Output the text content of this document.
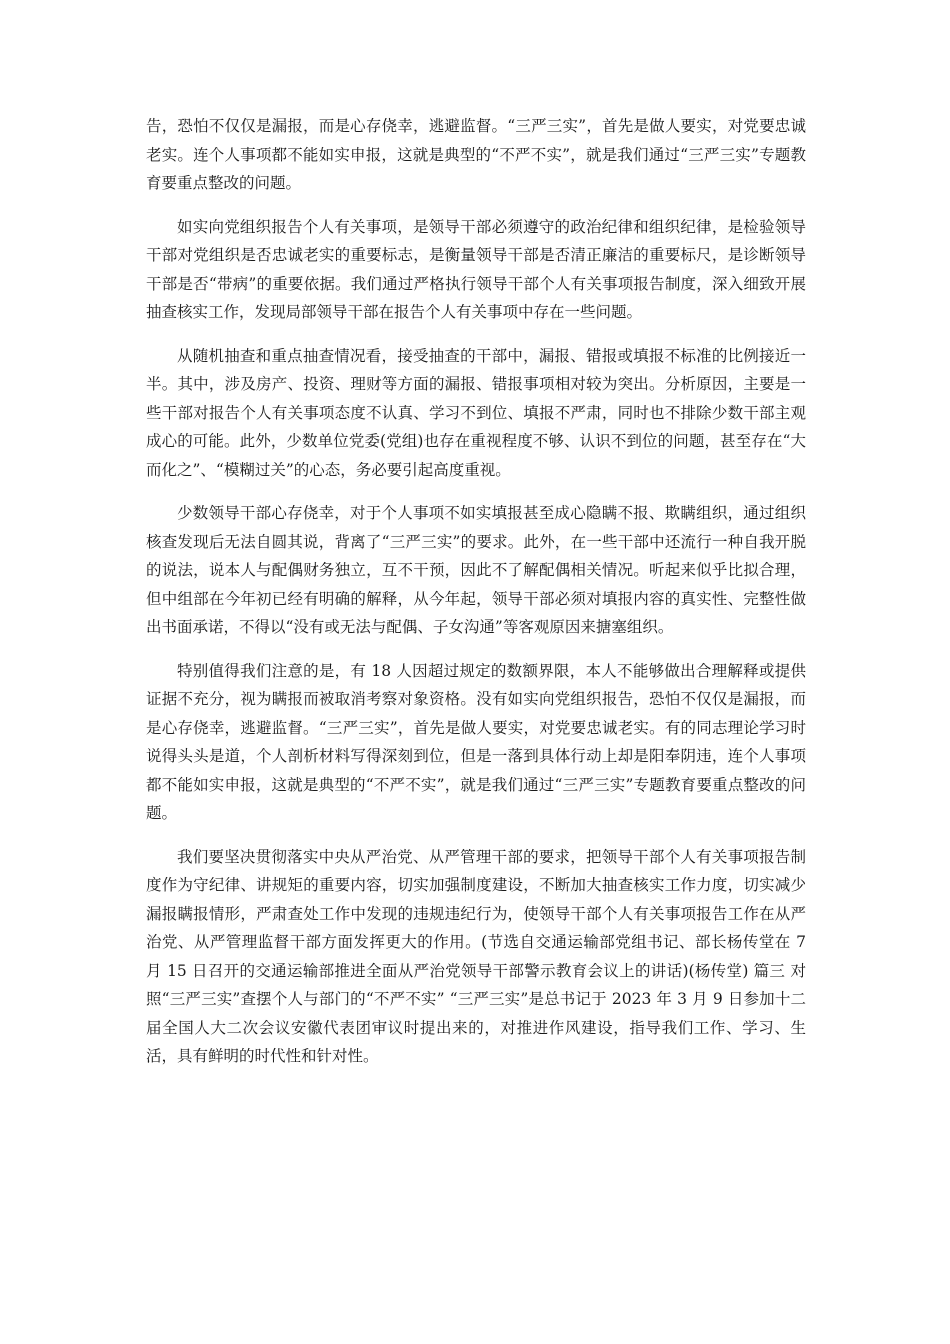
告，恐怕不仅仅是漏报，而是心存侥幸，逃避监督。“三严三实”，首先是做人要实，对党要忠诚老实。连个人事项都不能如实申报，这就是典型的“不严不实”，就是我们通过“三严三实”专题教育要重点整改的问题。

如实向党组织报告个人有关事项，是领导干部必须遵守的政治纪律和组织纪律，是检验领导干部对党组织是否忠诚老实的重要标志，是衡量领导干部是否清正廉洁的重要标尺，是诊断领导干部是否“带病”的重要依据。我们通过严格执行领导干部个人有关事项报告制度，深入细致开展抽查核实工作，发现局部领导干部在报告个人有关事项中存在一些问题。

从随机抽查和重点抽查情况看，接受抽查的干部中，漏报、错报或填报不标准的比例接近一半。其中，涉及房产、投资、理财等方面的漏报、错报事项相对较为突出。分析原因，主要是一些干部对报告个人有关事项态度不认真、学习不到位、填报不严肃，同时也不排除少数干部主观成心的可能。此外，少数单位党委(党组)也存在重视程度不够、认识不到位的问题，甚至存在“大而化之”、“模糊过关”的心态，务必要引起高度重视。

少数领导干部心存侥幸，对于个人事项不如实填报甚至成心隐瞒不报、欺瞒组织，通过组织核查发现后无法自圆其说，背离了“三严三实”的要求。此外，在一些干部中还流行一种自我开脱的说法，说本人与配偶财务独立，互不干预，因此不了解配偶相关情况。听起来似乎比拟合理，但中组部在今年初已经有明确的解释，从今年起，领导干部必须对填报内容的真实性、完整性做出书面承诺，不得以“没有或无法与配偶、子女沟通”等客观原因来搪塞组织。

特别值得我们注意的是，有 18 人因超过规定的数额界限，本人不能够做出合理解释或提供证据不充分，视为瞒报而被取消考察对象资格。没有如实向党组织报告，恐怕不仅仅是漏报，而是心存侥幸，逃避监督。“三严三实”，首先是做人要实，对党要忠诚老实。有的同志理论学习时说得头头是道，个人剖析材料写得深刻到位，但是一落到具体行动上却是阳奉阴违，连个人事项都不能如实申报，这就是典型的“不严不实”，就是我们通过“三严三实”专题教育要重点整改的问题。

我们要坚决贯彻落实中央从严治党、从严管理干部的要求，把领导干部个人有关事项报告制度作为守纪律、讲规矩的重要内容，切实加强制度建设，不断加大抽查核实工作力度，切实减少漏报瞒报情形，严肃查处工作中发现的违规违纪行为，使领导干部个人有关事项报告工作在从严治党、从严管理监督干部方面发挥更大的作用。(节选自交通运输部党组书记、部长杨传堂在 7 月 15 日召开的交通运输部推进全面从严治党领导干部警示教育会议上的讲话)(杨传堂) 篇三 对照“三严三实”查摆个人与部门的“不严不实” “三严三实”是总书记于 2023 年 3 月 9 日参加十二届全国人大二次会议安徽代表团审议时提出来的，对推进作风建设，指导我们工作、学习、生活，具有鲜明的时代性和针对性。
